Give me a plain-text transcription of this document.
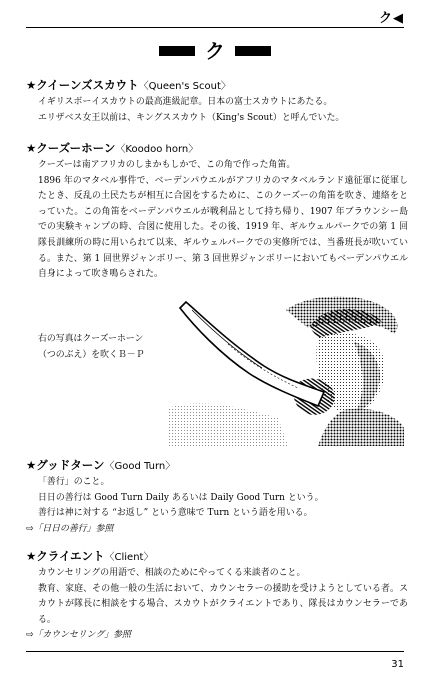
ク◀
ク
★クイーンズスカウト〈Queen's Scout〉

イギリスボーイスカウトの最高進級記章。日本の富士スカウトにあたる。

エリザベス女王以前は、キングススカウト（King's Scout）と呼んでいた。

★クーズーホーン〈Koodoo horn〉

クーズーは南アフリカのしまかもしかで、この角で作った角笛。

1896 年のマタベル事件で、ベーデンパウエルがアフリカのマタベルランド遠征軍に従軍したとき、反乱の土民たちが相互に合図をするために、このクーズーの角笛を吹き、連絡をとっていた。この角笛をベーデンパウエルが戦利品として持ち帰り、1907 年ブラウンシー島での実験キャンプの時、合図に使用した。その後、1919 年、ギルウェルパークでの第 1 回隊長訓練所の時に用いられて以来、ギルウェルパークでの実修所では、当番班長が吹いている。また、第 1 回世界ジャンボリー、第 3 回世界ジャンボリーにおいてもベーデンパウエル自身によって吹き鳴らされた。

右の写真はクーズーホーン
（つのぶえ）を吹くＢ－Ｐ
★グッドターン〈Good Turn〉

「善行」のこと。

日日の善行は Good Turn Daily あるいは Daily Good Turn という。

善行は神に対する “お返し” という意味で Turn という語を用いる。

⇨「日日の善行」参照
★クライエント〈Client〉

カウンセリングの用語で、相談のためにやってくる来談者のこと。

教育、家庭、その他一般の生活において、カウンセラーの援助を受けようとしている者。スカウトが隊長に相談をする場合、スカウトがクライエントであり、隊長はカウンセラーである。

⇨「カウンセリング」参照
31
